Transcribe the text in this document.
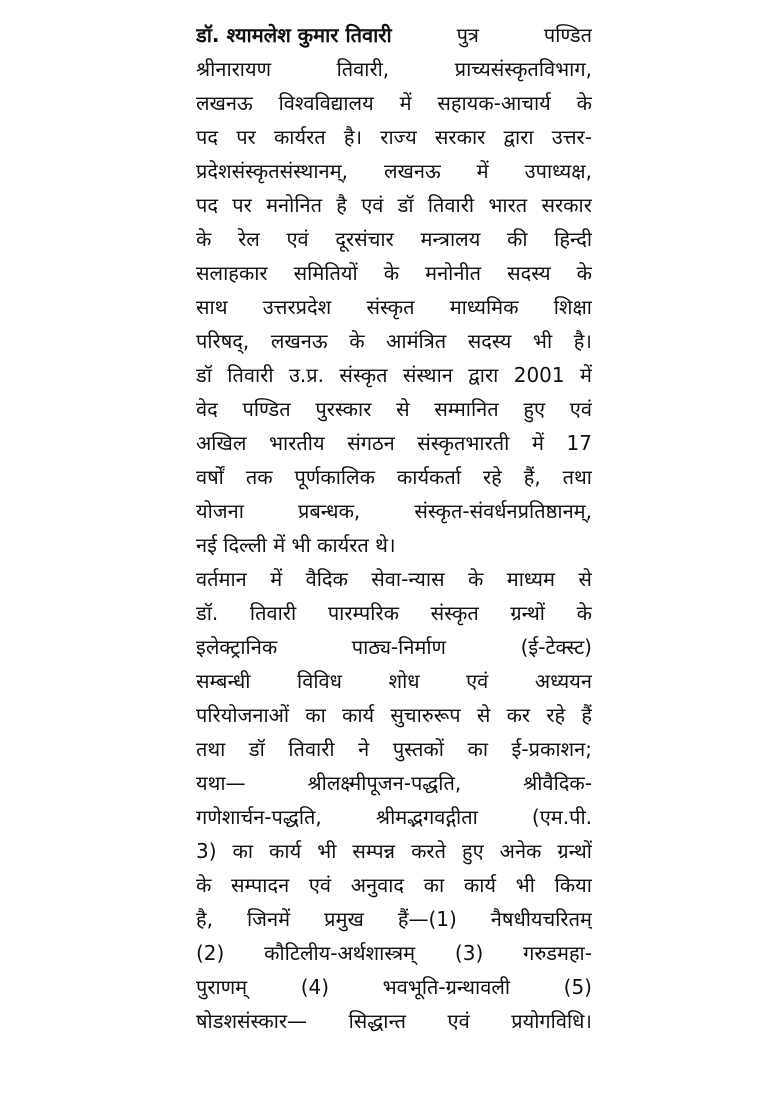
डॉ. श्यामलेश कुमार तिवारी	पुत्र	पण्डित
श्रीनारायण	तिवारी,	प्राच्यसंस्कृतविभाग,
लखनऊ विश्वविद्यालय में सहायक-आचार्य के
पद पर कार्यरत है। राज्य सरकार द्वारा उत्तर-
प्रदेशसंस्कृतसंस्थानम्, लखनऊ में उपाध्यक्ष,
पद पर मनोनित है एवं डॉ तिवारी भारत सरकार
के रेल एवं दूरसंचार मन्त्रालय की हिन्दी
सलाहकार समितियों के मनोनीत सदस्य के
साथ उत्तरप्रदेश संस्कृत माध्यमिक शिक्षा
परिषद्, लखनऊ के आमंत्रित सदस्य भी है।
डॉ तिवारी उ.प्र. संस्कृत संस्थान द्वारा 2001 में
वेद पण्डित पुरस्कार से सम्मानित हुए एवं
अखिल भारतीय संगठन संस्कृतभारती में 17
वर्षों तक पूर्णकालिक कार्यकर्ता रहे हैं, तथा
योजना	प्रबन्धक,	संस्कृत-संवर्धनप्रतिष्ठानम्,
नई दिल्ली में भी कार्यरत थे।
वर्तमान में वैदिक सेवा-न्यास के माध्यम से
डॉ. तिवारी पारम्परिक संस्कृत ग्रन्थों के
इलेक्ट्रानिक	पाठ्य-निर्माण	(ई-टेक्स्ट)
सम्बन्धी विविध शोध एवं अध्ययन
परियोजनाओं का कार्य सुचारुरूप से कर रहे हैं
तथा डॉ तिवारी ने पुस्तकों का ई-प्रकाशन;
यथा—	श्रीलक्ष्मीपूजन-पद्धति,	श्रीवैदिक-
गणेशार्चन-पद्धति,	श्रीमद्भगवद्गीता	(एम.पी.
3) का कार्य भी सम्पन्न करते हुए अनेक ग्रन्थों
के सम्पादन एवं अनुवाद का कार्य भी किया
है, जिनमें प्रमुख हैं—(1) नैषधीयचरितम्
(2) कौटिलीय-अर्थशास्त्रम् (3) गरुडमहा-
पुराणम्	(4)	भवभूति-ग्रन्थावली	(5)
षोडशसंस्कार— सिद्धान्त एवं प्रयोगविधि।
